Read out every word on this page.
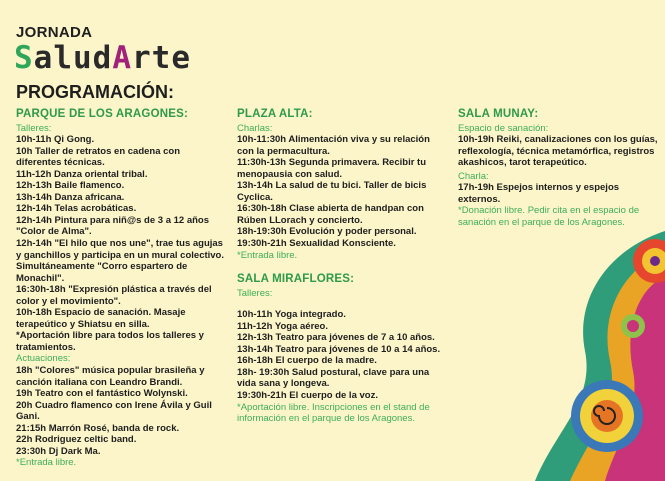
JORNADA
SaludArte
PROGRAMACIÓN:
PARQUE DE LOS ARAGONES:
Talleres:
10h-11h Qi Gong.
10h Taller de retratos en cadena con diferentes técnicas.
11h-12h Danza oriental tribal.
12h-13h Baile flamenco.
13h-14h Danza africana.
12h-14h Telas acrobáticas.
12h-14h Pintura para niñ@s de 3 a 12 años "Color de Alma".
12h-14h "El hilo que nos une", trae tus agujas y ganchillos y participa en un mural colectivo. Simultáneamente "Corro espartero de Monachil".
16:30h-18h "Expresión plástica a través del color y el movimiento".
10h-18h Espacio de sanación. Masaje terapeútico y Shiatsu en silla.
*Aportación libre para todos los talleres y tratamientos.
Actuaciones:
18h "Colores" música popular brasileña y canción italiana con Leandro Brandi.
19h Teatro con el fantástico Wolynski.
20h Cuadro flamenco con Irene Ávila y Guil Gani.
21:15h Marrón Rosé, banda de rock.
22h Rodriguez celtic band.
23:30h Dj Dark Ma.
*Entrada libre.
PLAZA ALTA:
Charlas:
10h-11:30h Alimentación viva y su relación con la permacultura.
11:30h-13h Segunda primavera. Recibir tu menopausia con salud.
13h-14h La salud de tu bici. Taller de bicis Cyclica.
16:30h-18h Clase abierta de handpan con Rúben LLorach y concierto.
18h-19:30h Evolución y poder personal.
19:30h-21h Sexualidad Konsciente.
*Entrada libre.
SALA MIRAFLORES:
Talleres:
10h-11h Yoga integrado.
11h-12h Yoga aéreo.
12h-13h Teatro para jóvenes de 7 a 10 años.
13h-14h Teatro para jóvenes de 10 a 14 años.
16h-18h El cuerpo de la madre.
18h- 19:30h Salud postural, clave para una vida sana y longeva.
19:30h-21h El cuerpo de la voz.
*Aportación libre. Inscripciones en el stand de información en el parque de los Aragones.
SALA MUNAY:
Espacio de sanación:
10h-19h Reiki, canalizaciones con los guías, reflexología, técnica metamórfica, registros akashicos, tarot terapeútico.
Charla:
17h-19h Espejos internos y espejos externos.
*Donación libre. Pedir cita en el espacio de sanación en el parque de los Aragones.
